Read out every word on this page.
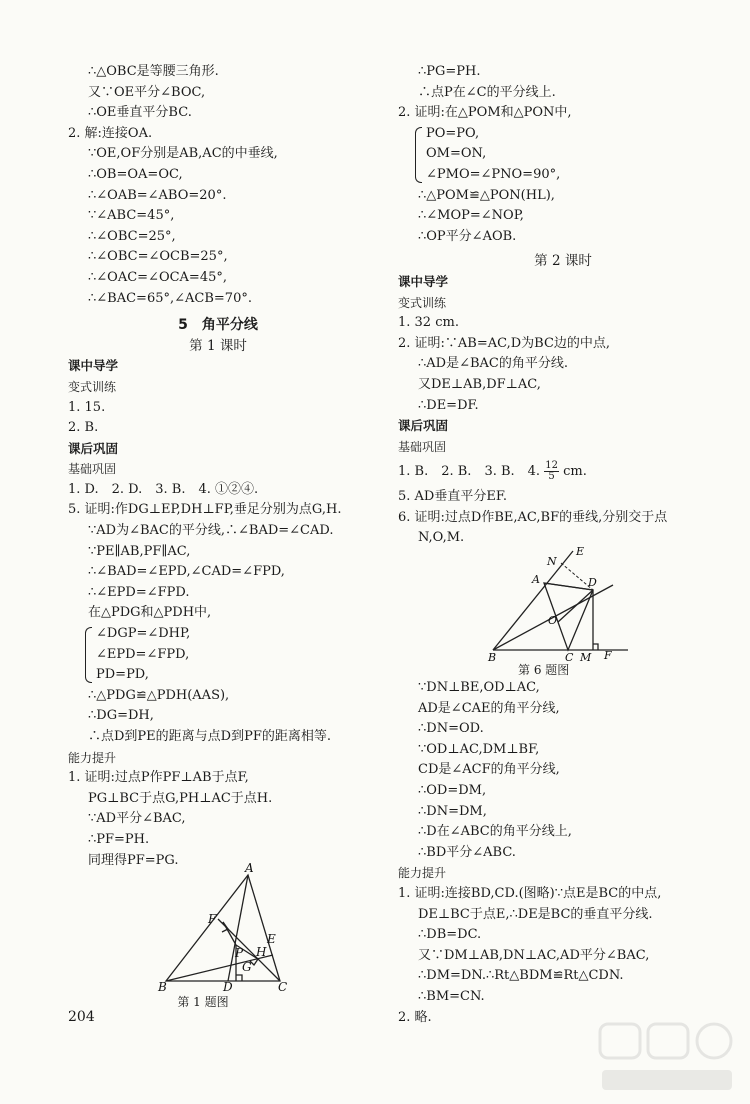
∴△OBC是等腰三角形.
又∵OE平分∠BOC,
∴OE垂直平分BC.
2. 解:连接OA.
∵OE,OF分别是AB,AC的中垂线,
∴OB=OA=OC,
∴∠OAB=∠ABO=20°.
∵∠ABC=45°,
∴∠OBC=25°,
∴∠OBC=∠OCB=25°,
∴∠OAC=∠OCA=45°,
∴∠BAC=65°,∠ACB=70°.
5　角平分线
第 1 课时
课中导学
变式训练
1. 15.
2. B.
课后巩固
基础巩固
1. D.　2. D.　3. B.　4. ①②④.
5. 证明:作DG⊥EP,DH⊥FP,垂足分别为点G,H.
∵AD为∠BAC的平分线,∴∠BAD=∠CAD.
∵PE∥AB,PF∥AC,
∴∠BAD=∠EPD,∠CAD=∠FPD,
∴∠EPD=∠FPD.
在△PDG和△PDH中,
∠DGP=∠DHP,
∠EPD=∠FPD,
PD=PD,
∴△PDG≌△PDH(AAS),
∴DG=DH,
∴点D到PE的距离与点D到PF的距离相等.
能力提升
1. 证明:过点P作PF⊥AB于点F,
PG⊥BC于点G,PH⊥AC于点H.
∵AD平分∠BAC,
∴PF=PH.
同理得PF=PG.
A
F
E
P H
G
B	D	C
第 1 题图
∴PG=PH.
∴点P在∠C的平分线上.
2. 证明:在△POM和△PON中,
PO=PO,
OM=ON,
∠PMO=∠PNO=90°,
∴△POM≌△PON(HL),
∴∠MOP=∠NOP,
∴OP平分∠AOB.
第 2 课时
课中导学
变式训练
1. 32 cm.
2. 证明:∵AB=AC,D为BC边的中点,
∴AD是∠BAC的角平分线.
又DE⊥AB,DF⊥AC,
∴DE=DF.
课后巩固
基础巩固
1. B.　2. B.　3. B.　4. $\frac{12}{5}$ cm.
5. AD垂直平分EF.
6. 证明:过点D作BE,AC,BF的垂线,分别交于点
N,O,M.
E
N
A	D
O
B	C M F
第 6 题图
∵DN⊥BE,OD⊥AC,
AD是∠CAE的角平分线,
∴DN=OD.
∵OD⊥AC,DM⊥BF,
CD是∠ACF的角平分线,
∴OD=DM,
∴DN=DM,
∴D在∠ABC的角平分线上,
∴BD平分∠ABC.
能力提升
1. 证明:连接BD,CD.(图略)∵点E是BC的中点,
DE⊥BC于点E,∴DE是BC的垂直平分线.
∴DB=DC.
又∵DM⊥AB,DN⊥AC,AD平分∠BAC,
∴DM=DN.∴Rt△BDM≌Rt△CDN.
∴BM=CN.
2. 略.
204
